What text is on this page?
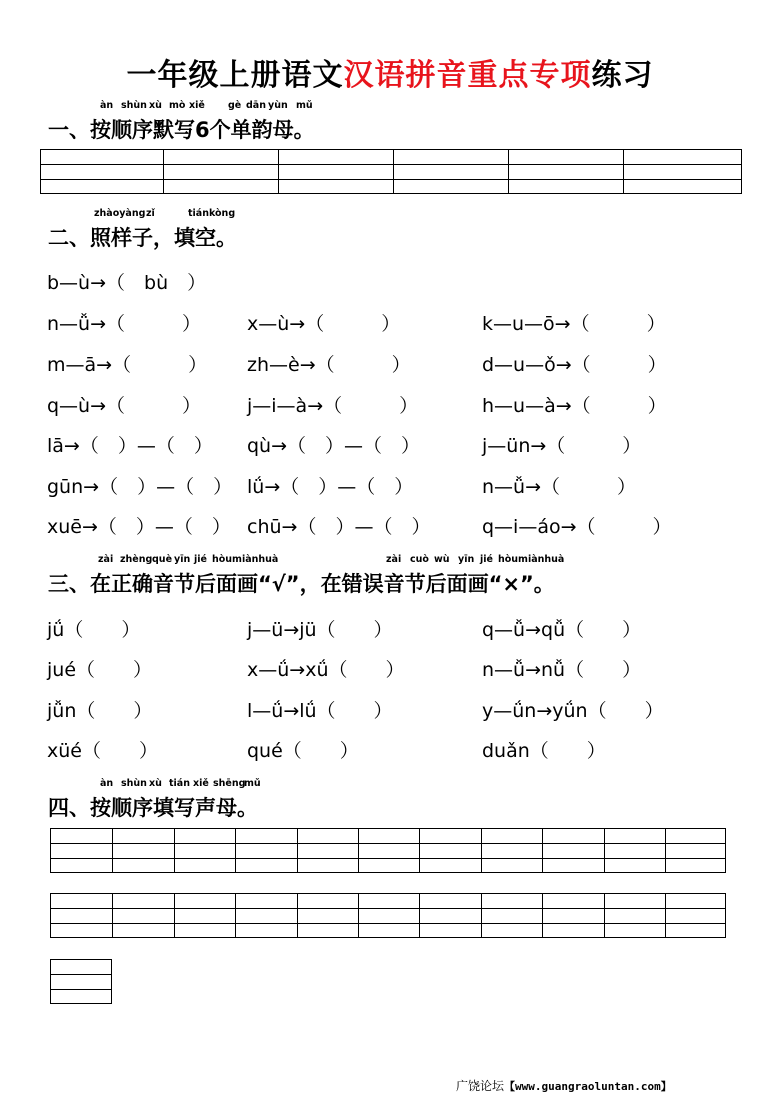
一年级上册语文汉语拼音重点专项练习
àn shùn xù mò xiě gè dān yùn mǔ
一、按顺序默写6个单韵母。
zhàoyàng zǐ	tiánkòng
二、照样子，填空。
b—ù→（　bù　）
n—ǚ→（　　　） x—ù→（　　　）	k—u—ō→（　　　）
m—ā→（　　　） zh—è→（　　　）	d—u—ǒ→（　　　）
q—ù→（　　　） j—i—à→（　　　）	h—u—à→（　　　）
lā→（　）—（　） qù→（　）—（　）	j—ün→（　　　）
gūn→（　）—（　） lǘ→（　）—（　）	n—ǚ→（　　　）
xuē→（　）—（　） chū→（　）—（　）	q—i—áo→（　　　）
zài zhèng què yīn jié hòumiànhuà	zài cuò wù yīn jié hòumiànhuà
三、在正确音节后面画“√”，在错误音节后面画“×”。
jǘ（　　）	j—ü→jü（　　）	q—ǚ→qǚ（　　）
jué（　　）	x—ǘ→xǘ（　　）	n—ǚ→nǚ（　　）
jǚn（　　）	l—ǘ→lǘ（　　）	y—ǘn→yǘn（　　）
xüé（　　）	qué（　　）	duǎn（　　）
àn shùn xù tián xiě shēng
mǔ
四、按顺序填写声母。
广饶论坛【www.guangraoluntan.com】
